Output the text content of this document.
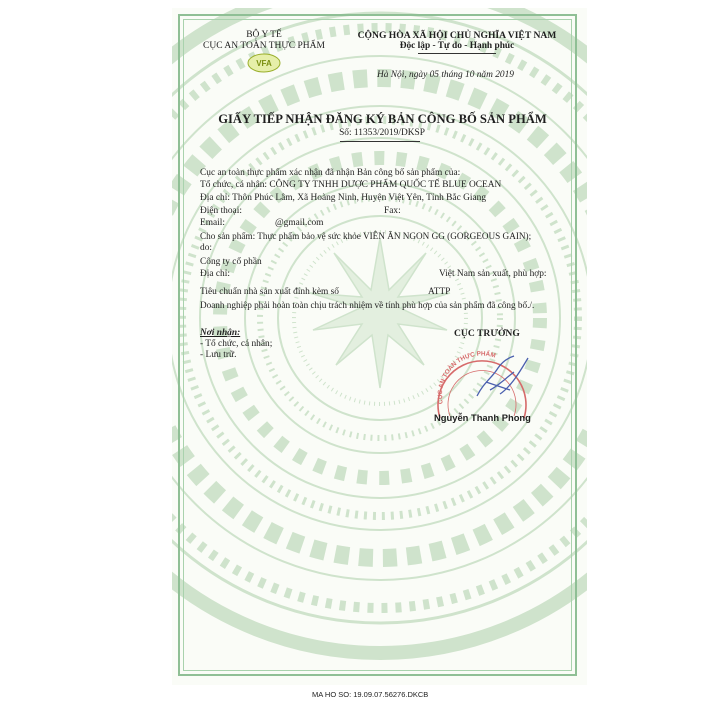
BỘ Y TẾ
CỤC AN TOÀN THỰC PHẨM
VFA
CỘNG HÒA XÃ HỘI CHỦ NGHĨA VIỆT NAM
Độc lập - Tự do - Hạnh phúc
Hà Nội, ngày 05 tháng 10 năm 2019
GIẤY TIẾP NHẬN ĐĂNG KÝ BẢN CÔNG BỐ SẢN PHẨM
Số: 11353/2019/DKSP
Cục an toàn thực phẩm xác nhận đã nhận Bản công bố sản phẩm của:
Tổ chức, cá nhân: CÔNG TY TNHH DƯỢC PHẨM QUỐC TẾ BLUE OCEAN
Địa chỉ: Thôn Phúc Lâm, Xã Hoàng Ninh, Huyện Việt Yên, Tỉnh Bắc Giang
Điện thoại:	Fax:
Email:	@gmail.com
Cho sản phẩm: Thực phẩm bảo vệ sức khỏe VIÊN ĂN NGON GG (GORGEOUS GAIN);
do:
Công ty cổ phần
Địa chỉ:	Việt Nam sản xuất, phù hợp:
Tiêu chuẩn nhà sản xuất đính kèm số	ATTP
Doanh nghiệp phải hoàn toàn chịu trách nhiệm về tính phù hợp của sản phẩm đã công bố./.
Nơi nhận:
- Tổ chức, cá nhân;
- Lưu trữ.
CỤC TRƯỞNG
CỤC AN TOÀN THỰC PHẨM
Nguyễn Thanh Phong
MA HO SO: 19.09.07.56276.DKCB
